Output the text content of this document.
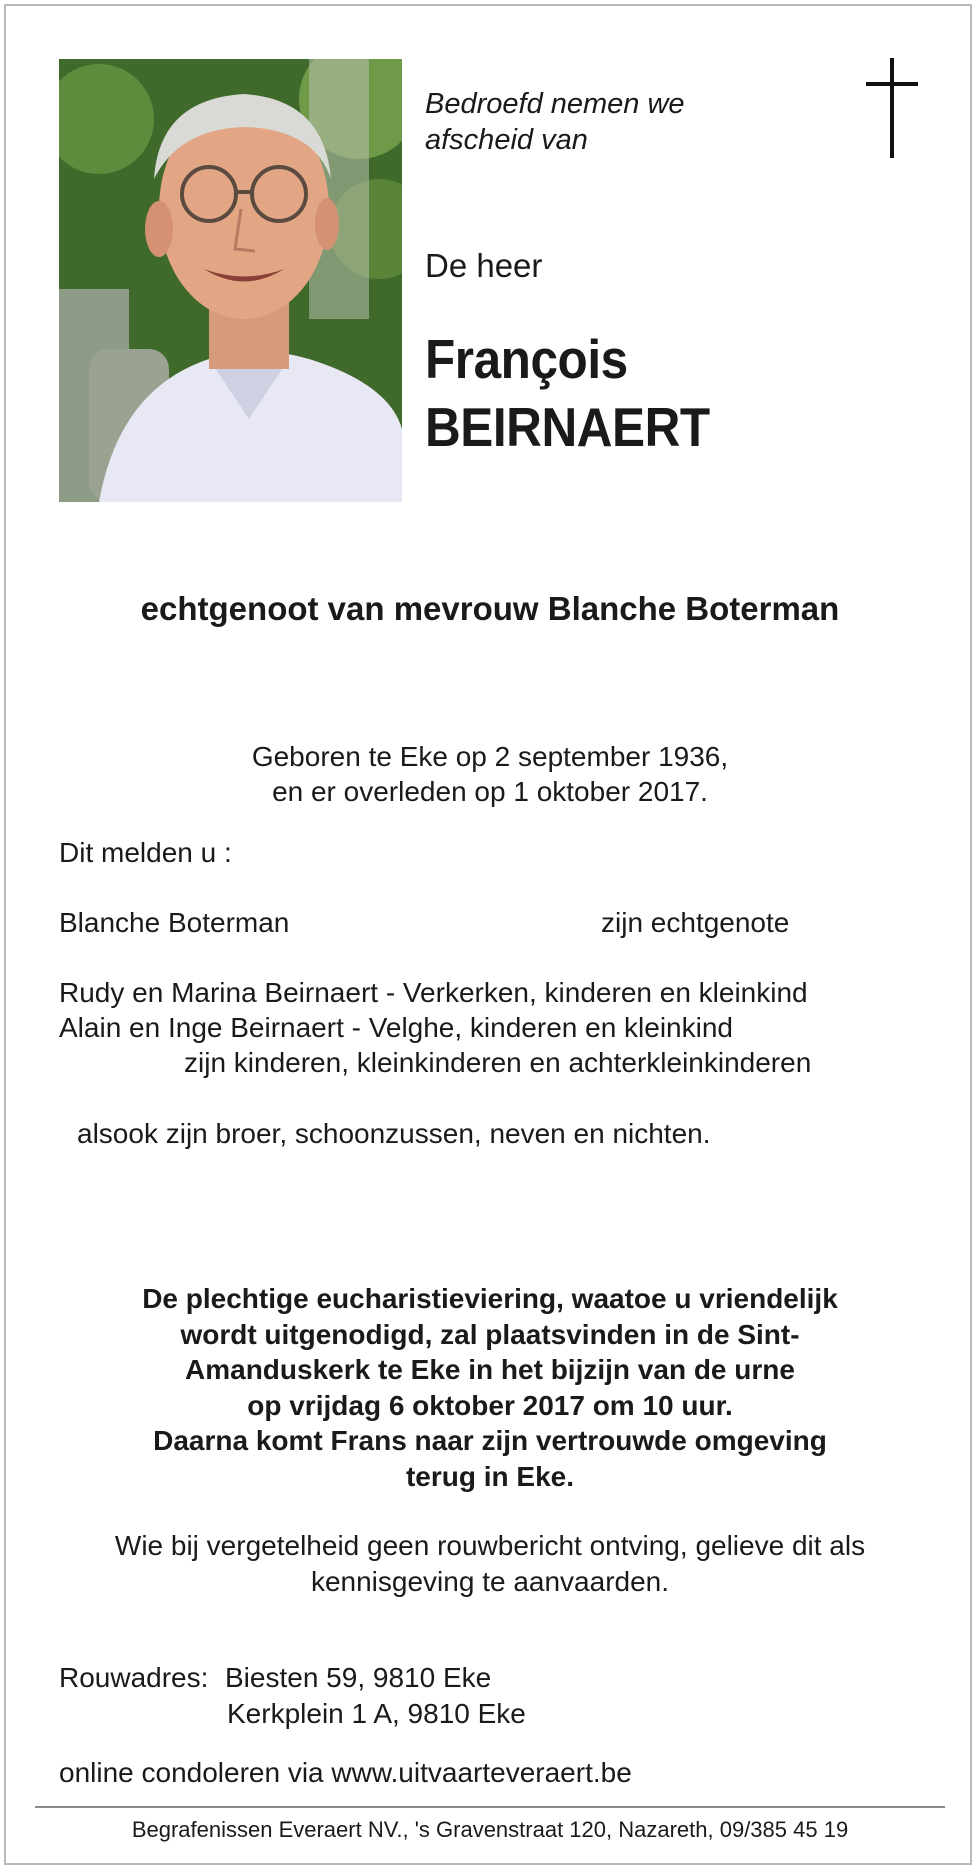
Bedroefd nemen we afscheid van
De heer
François
BEIRNAERT
echtgenoot van mevrouw Blanche Boterman
Geboren te Eke op 2 september 1936,
en er overleden op 1 oktober 2017.
Dit melden u :
Blanche Boterman	zijn echtgenote
Rudy en Marina Beirnaert - Verkerken, kinderen en kleinkind
Alain en Inge Beirnaert - Velghe, kinderen en kleinkind
zijn kinderen, kleinkinderen en achterkleinkinderen
alsook zijn broer, schoonzussen, neven en nichten.
De plechtige eucharistieviering, waatoe u vriendelijk
wordt uitgenodigd, zal plaatsvinden in de Sint-
Amanduskerk te Eke in het bijzijn van de urne
op vrijdag 6 oktober 2017 om 10 uur.
Daarna komt Frans naar zijn vertrouwde omgeving
terug in Eke.
Wie bij vergetelheid geen rouwbericht ontving, gelieve dit als
kennisgeving te aanvaarden.
Rouwadres: Biesten 59, 9810 Eke
Kerkplein 1 A, 9810 Eke
online condoleren via www.uitvaarteveraert.be
Begrafenissen Everaert NV., 's Gravenstraat 120, Nazareth, 09/385 45 19
